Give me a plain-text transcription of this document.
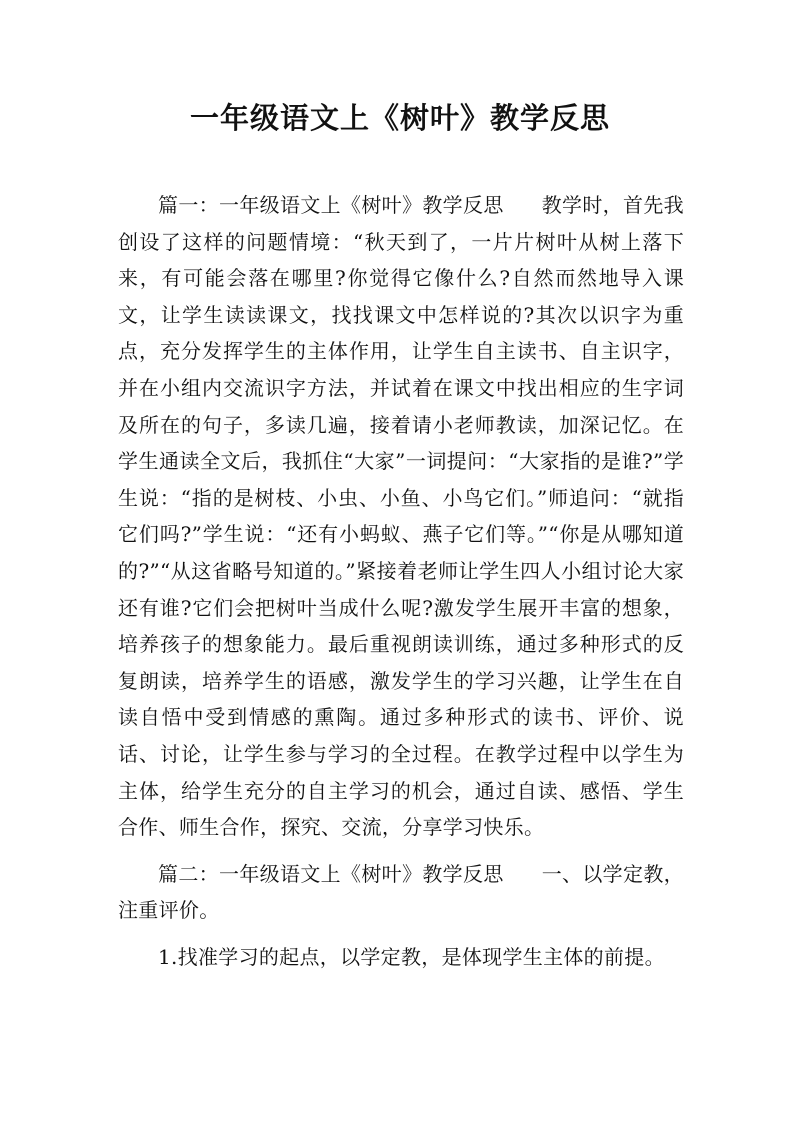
一年级语文上《树叶》教学反思

篇一：一年级语文上《树叶》教学反思 教学时，首先我创设了这样的问题情境：“秋天到了，一片片树叶从树上落下来，有可能会落在哪里?你觉得它像什么?自然而然地导入课文，让学生读读课文，找找课文中怎样说的?其次以识字为重点，充分发挥学生的主体作用，让学生自主读书、自主识字，并在小组内交流识字方法，并试着在课文中找出相应的生字词及所在的句子，多读几遍，接着请小老师教读，加深记忆。在学生通读全文后，我抓住“大家”一词提问：“大家指的是谁?”学生说：“指的是树枝、小虫、小鱼、小鸟它们。”师追问：“就指它们吗?”学生说：“还有小蚂蚁、燕子它们等。”“你是从哪知道的?”“从这省略号知道的。”紧接着老师让学生四人小组讨论大家还有谁?它们会把树叶当成什么呢?激发学生展开丰富的想象，培养孩子的想象能力。最后重视朗读训练，通过多种形式的反复朗读，培养学生的语感，激发学生的学习兴趣，让学生在自读自悟中受到情感的熏陶。通过多种形式的读书、评价、说话、讨论，让学生参与学习的全过程。在教学过程中以学生为主体，给学生充分的自主学习的机会，通过自读、感悟、学生合作、师生合作，探究、交流，分享学习快乐。

篇二：一年级语文上《树叶》教学反思 一、以学定教，注重评价。

1.找准学习的起点，以学定教，是体现学生主体的前提。
